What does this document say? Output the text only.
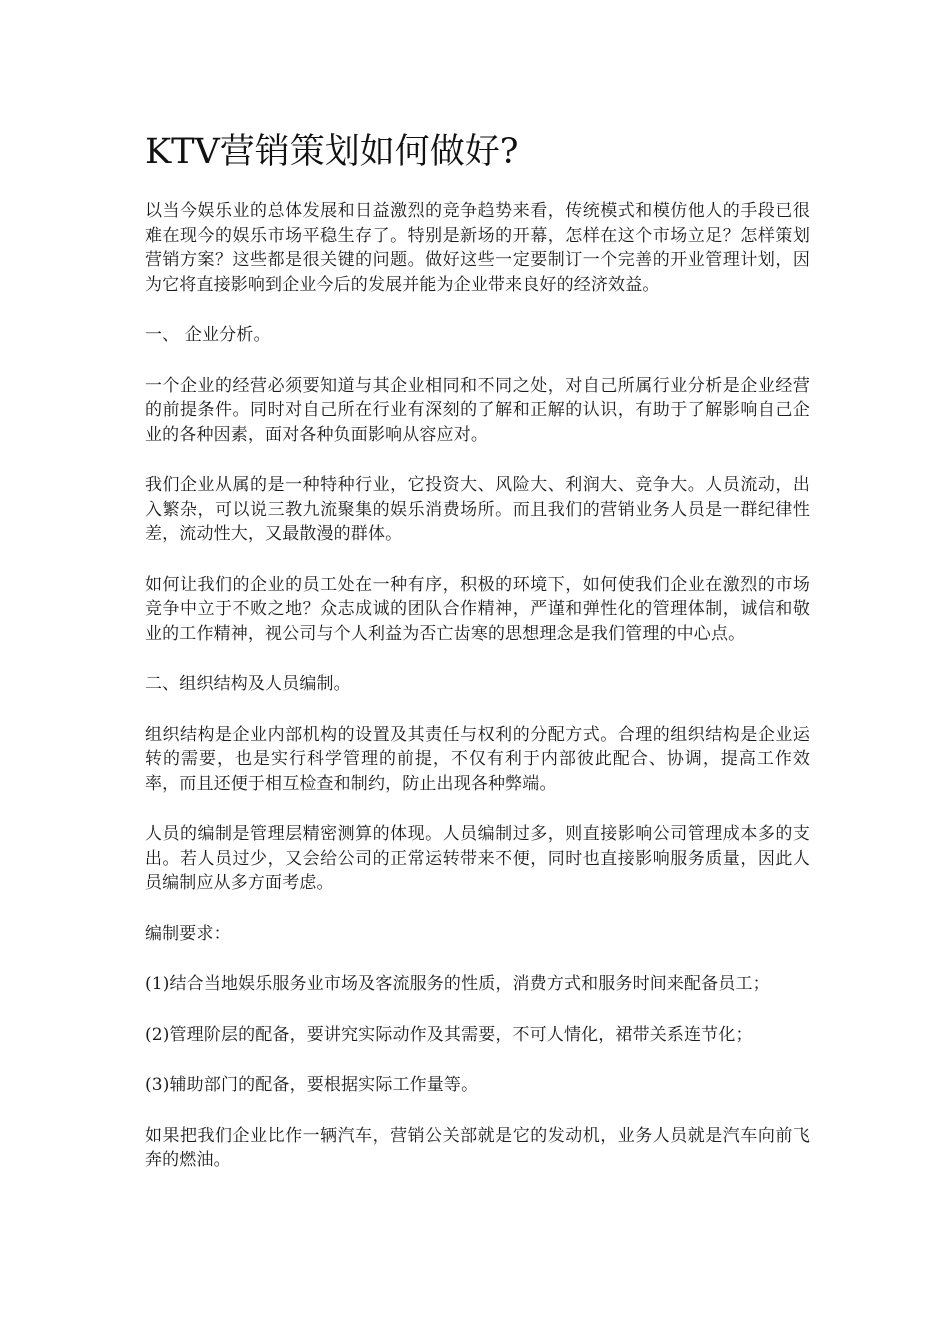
KTV营销策划如何做好?

以当今娱乐业的总体发展和日益激烈的竞争趋势来看，传统模式和模仿他人的手段已很难在现今的娱乐市场平稳生存了。特别是新场的开幕，怎样在这个市场立足？怎样策划营销方案？这些都是很关键的问题。做好这些一定要制订一个完善的开业管理计划，因为它将直接影响到企业今后的发展并能为企业带来良好的经济效益。

一、 企业分析。

一个企业的经营必须要知道与其企业相同和不同之处，对自己所属行业分析是企业经营的前提条件。同时对自己所在行业有深刻的了解和正解的认识，有助于了解影响自己企业的各种因素，面对各种负面影响从容应对。

我们企业从属的是一种特种行业，它投资大、风险大、利润大、竞争大。人员流动，出入繁杂，可以说三教九流聚集的娱乐消费场所。而且我们的营销业务人员是一群纪律性差，流动性大，又最散漫的群体。

如何让我们的企业的员工处在一种有序，积极的环境下，如何使我们企业在激烈的市场竞争中立于不败之地？众志成诚的团队合作精神，严谨和弹性化的管理体制，诚信和敬业的工作精神，视公司与个人利益为否亡齿寒的思想理念是我们管理的中心点。

二、组织结构及人员编制。

组织结构是企业内部机构的设置及其责任与权利的分配方式。合理的组织结构是企业运转的需要，也是实行科学管理的前提，不仅有利于内部彼此配合、协调，提高工作效率，而且还便于相互检查和制约，防止出现各种弊端。

人员的编制是管理层精密测算的体现。人员编制过多，则直接影响公司管理成本多的支出。若人员过少，又会给公司的正常运转带来不便，同时也直接影响服务质量，因此人员编制应从多方面考虑。

编制要求：

(1)结合当地娱乐服务业市场及客流服务的性质，消费方式和服务时间来配备员工；

(2)管理阶层的配备，要讲究实际动作及其需要，不可人情化，裙带关系连节化；

(3)辅助部门的配备，要根据实际工作量等。

如果把我们企业比作一辆汽车，营销公关部就是它的发动机，业务人员就是汽车向前飞奔的燃油。
